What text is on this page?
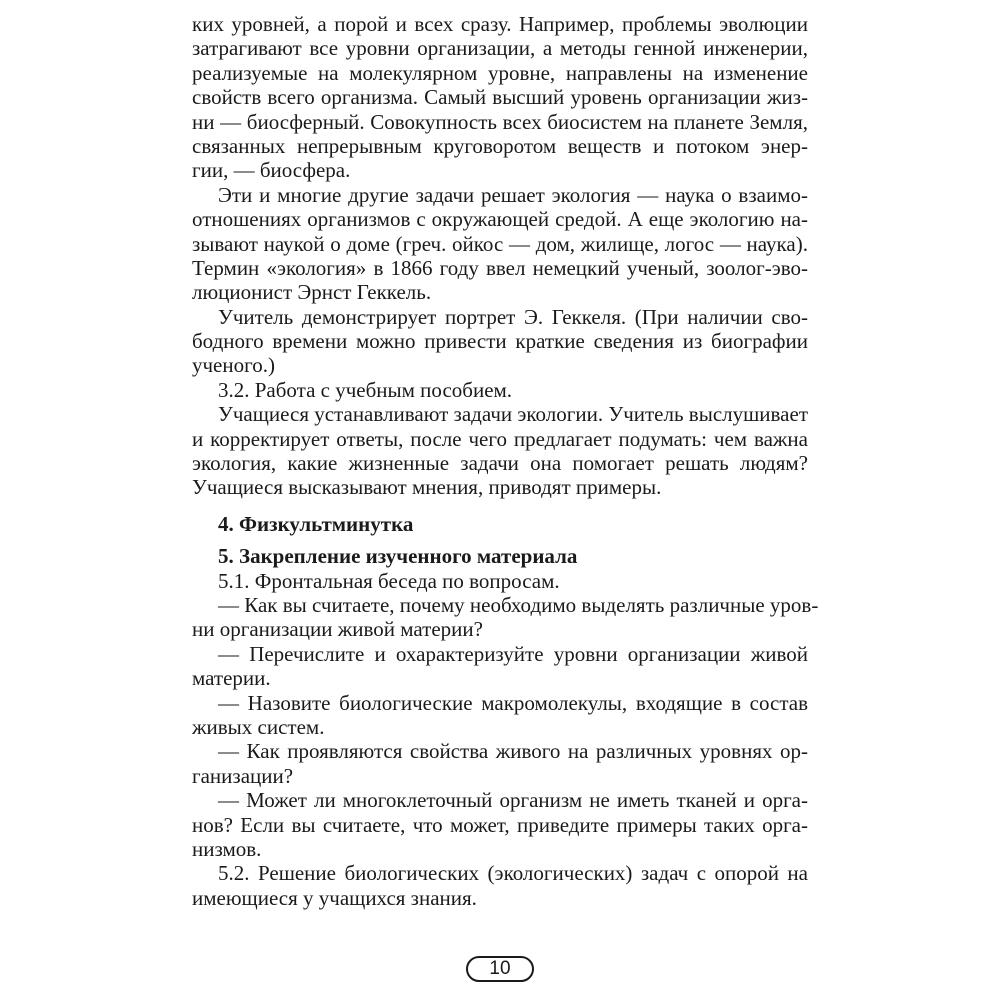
ких уровней, а порой и всех сразу. Например, проблемы эволюции
затрагивают все уровни организации, а методы генной инженерии,
реализуемые на молекулярном уровне, направлены на изменение
свойств всего организма. Самый высший уровень организации жиз-
ни — биосферный. Совокупность всех биосистем на планете Земля,
связанных непрерывным круговоротом веществ и потоком энер-
гии, — биосфера.
Эти и многие другие задачи решает экология — наука о взаимо-
отношениях организмов с окружающей средой. А еще экологию на-
зывают наукой о доме (греч. ойкос — дом, жилище, логос — наука).
Термин «экология» в 1866 году ввел немецкий ученый, зоолог-эво-
люционист Эрнст Геккель.
Учитель демонстрирует портрет Э. Геккеля. (При наличии сво-
бодного времени можно привести краткие сведения из биографии
ученого.)
3.2. Работа с учебным пособием.
Учащиеся устанавливают задачи экологии. Учитель выслушивает
и корректирует ответы, после чего предлагает подумать: чем важна
экология, какие жизненные задачи она помогает решать людям?
Учащиеся высказывают мнения, приводят примеры.
4. Физкультминутка
5. Закрепление изученного материала
5.1. Фронтальная беседа по вопросам.
— Как вы считаете, почему необходимо выделять различные уров-
ни организации живой материи?
— Перечислите и охарактеризуйте уровни организации живой
материи.
— Назовите биологические макромолекулы, входящие в состав
живых систем.
— Как проявляются свойства живого на различных уровнях ор-
ганизации?
— Может ли многоклеточный организм не иметь тканей и орга-
нов? Если вы считаете, что может, приведите примеры таких орга-
низмов.
5.2. Решение биологических (экологических) задач с опорой на
имеющиеся у учащихся знания.
10
